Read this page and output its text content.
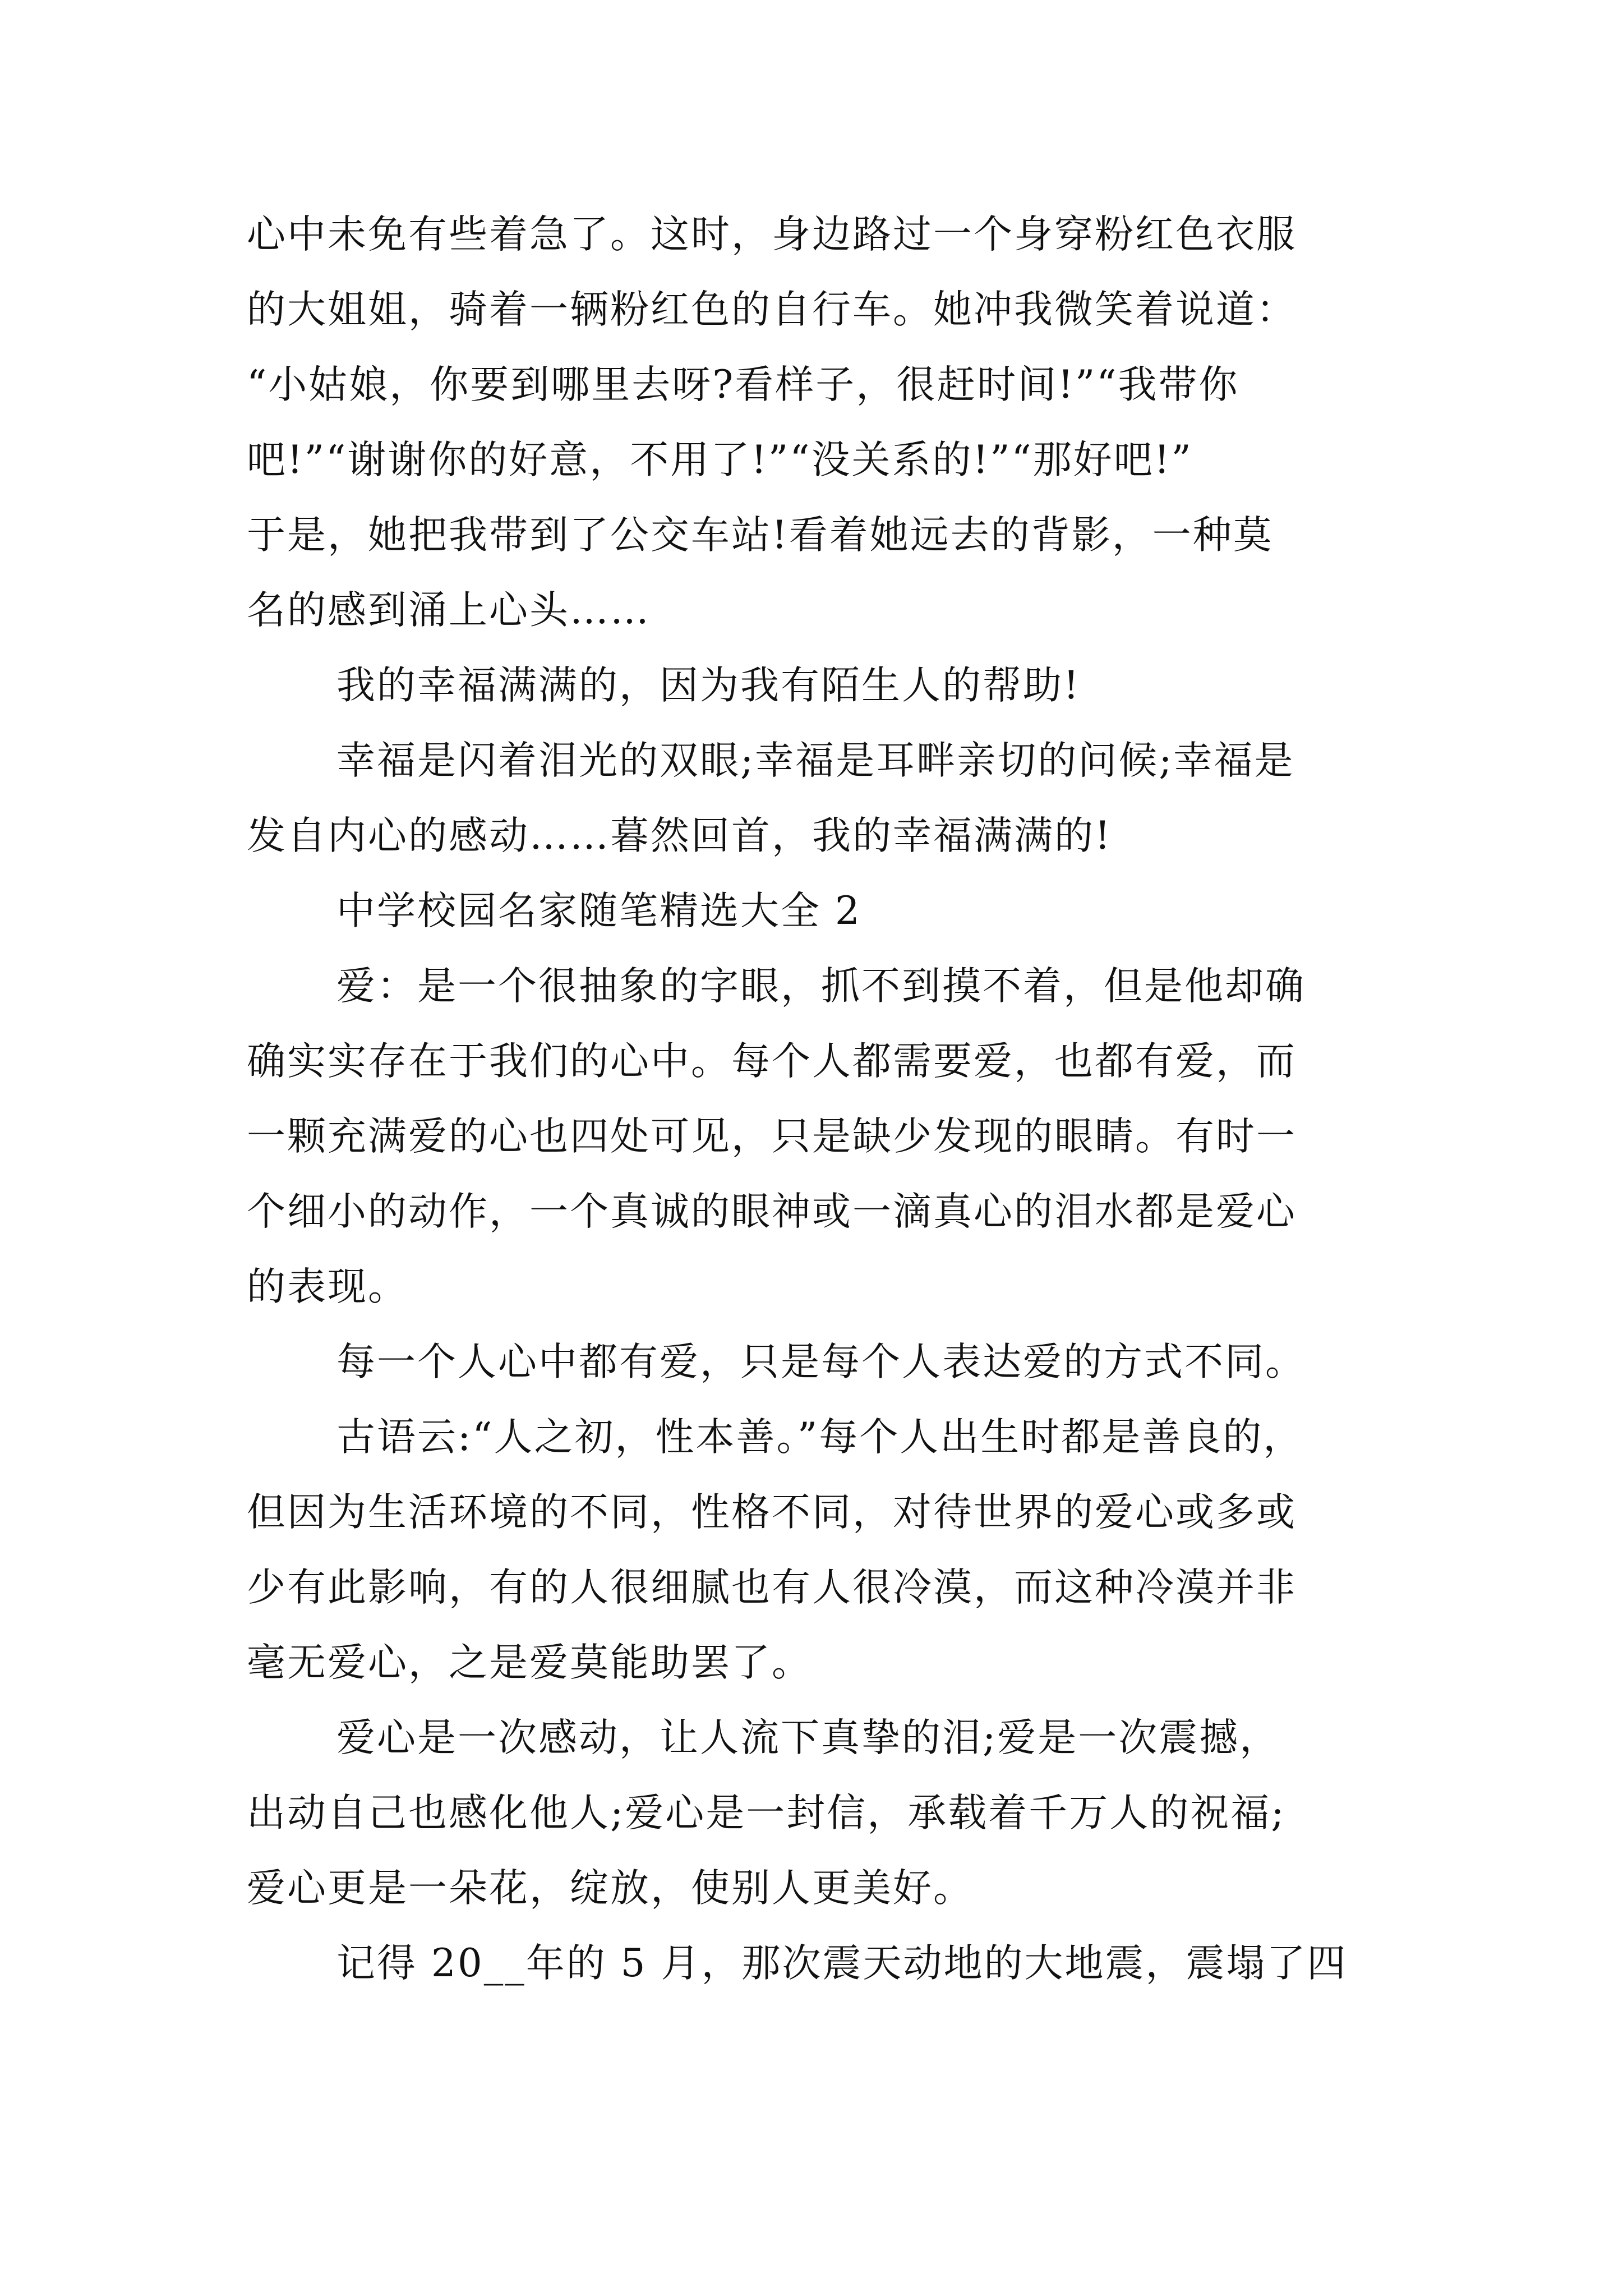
心中未免有些着急了。这时，身边路过一个身穿粉红色衣服
的大姐姐，骑着一辆粉红色的自行车。她冲我微笑着说道：
“小姑娘，你要到哪里去呀?看样子，很赶时间!”“我带你
吧!”“谢谢你的好意，不用了!”“没关系的!”“那好吧!”
于是，她把我带到了公交车站!看着她远去的背影，一种莫
名的感到涌上心头……
我的幸福满满的，因为我有陌生人的帮助!
幸福是闪着泪光的双眼;幸福是耳畔亲切的问候;幸福是
发自内心的感动……暮然回首，我的幸福满满的!
中学校园名家随笔精选大全 2
爱：是一个很抽象的字眼，抓不到摸不着，但是他却确
确实实存在于我们的心中。每个人都需要爱，也都有爱，而
一颗充满爱的心也四处可见，只是缺少发现的眼睛。有时一
个细小的动作，一个真诚的眼神或一滴真心的泪水都是爱心
的表现。
每一个人心中都有爱，只是每个人表达爱的方式不同。
古语云:“人之初，性本善。”每个人出生时都是善良的，
但因为生活环境的不同，性格不同，对待世界的爱心或多或
少有此影响，有的人很细腻也有人很冷漠，而这种冷漠并非
毫无爱心，之是爱莫能助罢了。
爱心是一次感动，让人流下真挚的泪;爱是一次震撼，
出动自己也感化他人;爱心是一封信，承载着千万人的祝福;
爱心更是一朵花，绽放，使别人更美好。
记得 20__年的 5 月，那次震天动地的大地震，震塌了四
